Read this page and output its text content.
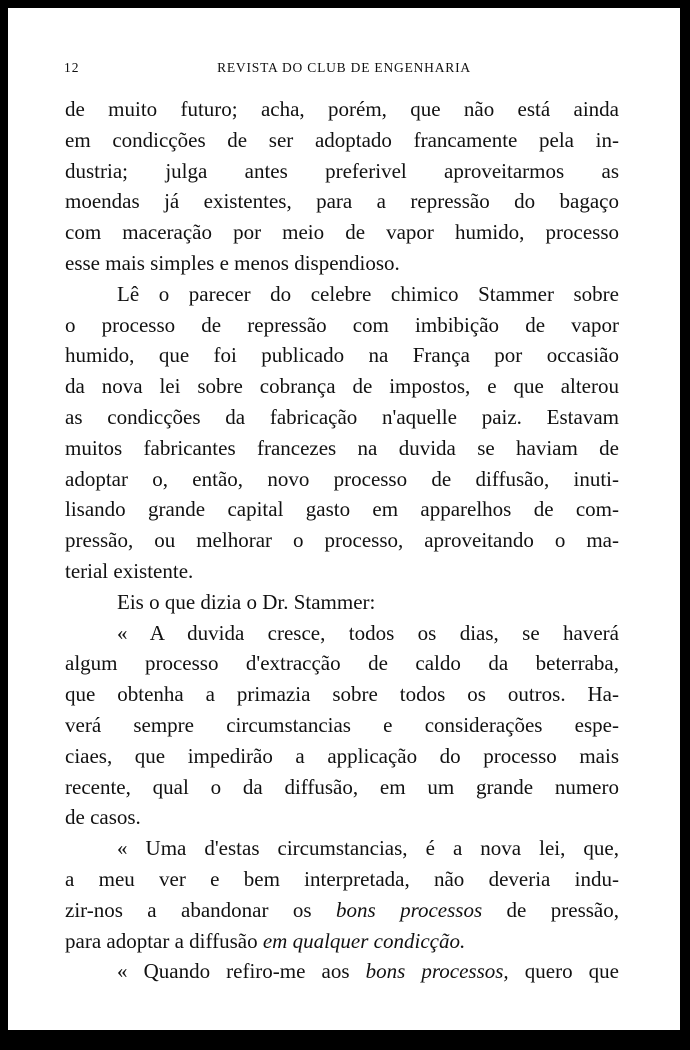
12	REVISTA DO CLUB DE ENGENHARIA
de muito futuro; acha, porém, que não está ainda
em condicções de ser adoptado francamente pela in-
dustria; julga antes preferivel aproveitarmos as
moendas já existentes, para a repressão do bagaço
com maceração por meio de vapor humido, processo
esse mais simples e menos dispendioso.
Lê o parecer do celebre chimico Stammer sobre
o processo de repressão com imbibição de vapor
humido, que foi publicado na França por occasião
da nova lei sobre cobrança de impostos, e que alterou
as condicções da fabricação n'aquelle paiz. Estavam
muitos fabricantes francezes na duvida se haviam de
adoptar o, então, novo processo de diffusão, inuti-
lisando grande capital gasto em apparelhos de com-
pressão, ou melhorar o processo, aproveitando o ma-
terial existente.
Eis o que dizia o Dr. Stammer:
« A duvida cresce, todos os dias, se haverá
algum processo d'extracção de caldo da beterraba,
que obtenha a primazia sobre todos os outros. Ha-
verá sempre circumstancias e considerações espe-
ciaes, que impedirão a applicação do processo mais
recente, qual o da diffusão, em um grande numero
de casos.
« Uma d'estas circumstancias, é a nova lei, que,
a meu ver e bem interpretada, não deveria indu-
zir-nos a abandonar os bons processos de pressão,
para adoptar a diffusão em qualquer condicção.
« Quando refiro-me aos bons processos, quero que
